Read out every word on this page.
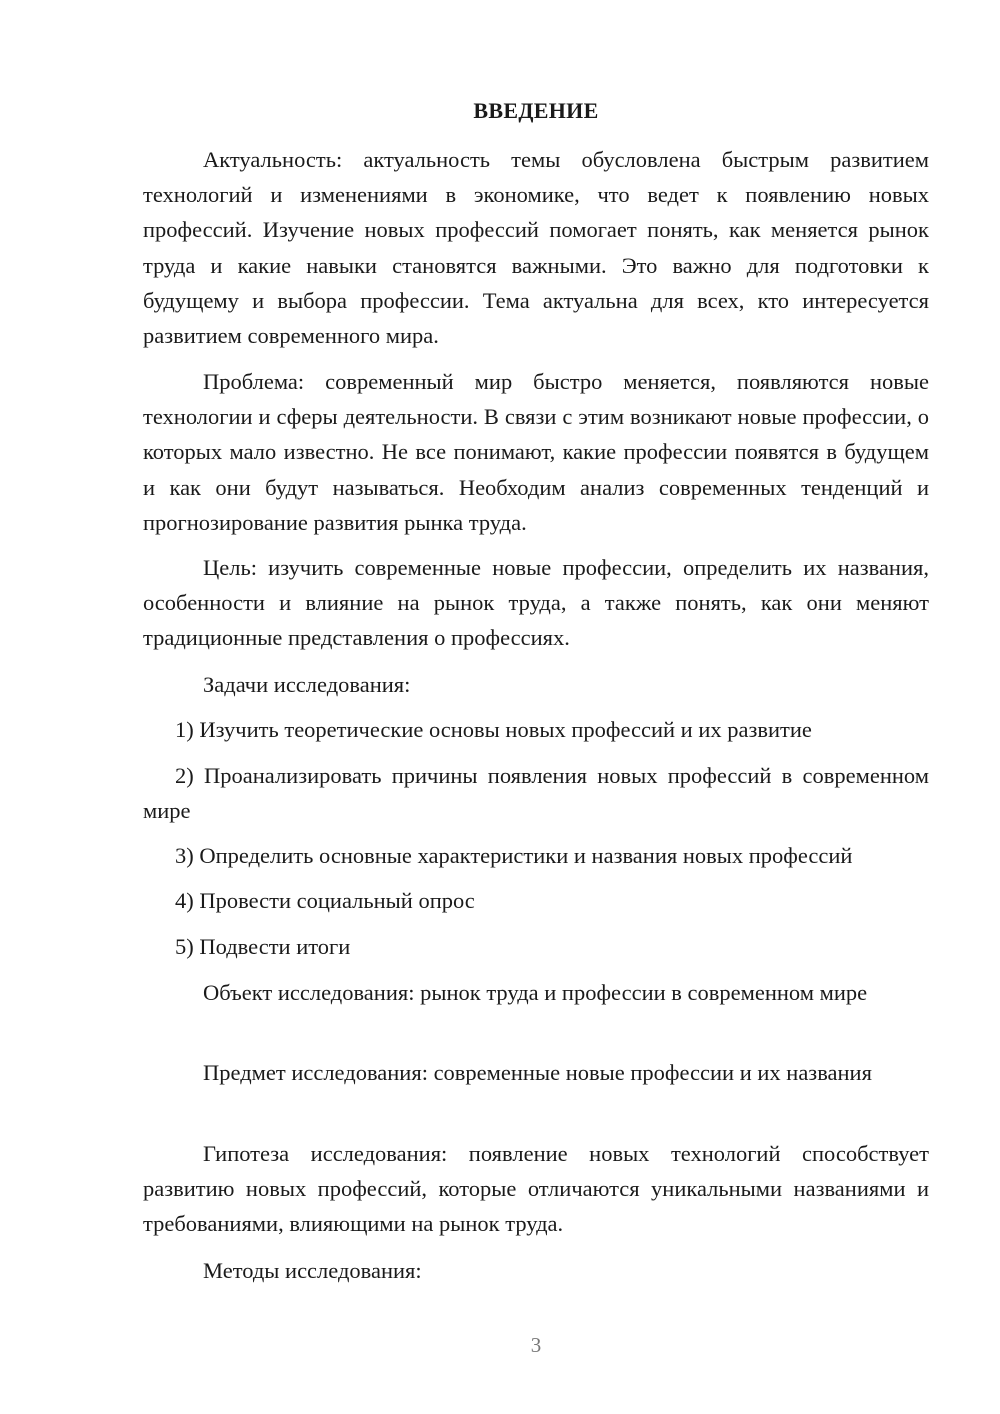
ВВЕДЕНИЕ

Актуальность: актуальность темы обусловлена быстрым развитием технологий и изменениями в экономике, что ведет к появлению новых профессий. Изучение новых профессий помогает понять, как меняется рынок труда и какие навыки становятся важными. Это важно для подготовки к будущему и выбора профессии. Тема актуальна для всех, кто интересуется развитием современного мира.

Проблема: современный мир быстро меняется, появляются новые технологии и сферы деятельности. В связи с этим возникают новые профессии, о которых мало известно. Не все понимают, какие профессии появятся в будущем и как они будут называться. Необходим анализ современных тенденций и прогнозирование развития рынка труда.

Цель: изучить современные новые профессии, определить их названия, особенности и влияние на рынок труда, а также понять, как они меняют традиционные представления о профессиях.

Задачи исследования:

1) Изучить теоретические основы новых профессий и их развитие

2) Проанализировать причины появления новых профессий в современном мире

3) Определить основные характеристики и названия новых профессий

4) Провести социальный опрос

5) Подвести итоги

Объект исследования: рынок труда и профессии в современном мире

Предмет исследования: современные новые профессии и их названия

Гипотеза исследования: появление новых технологий способствует развитию новых профессий, которые отличаются уникальными названиями и требованиями, влияющими на рынок труда.

Методы исследования:

3
